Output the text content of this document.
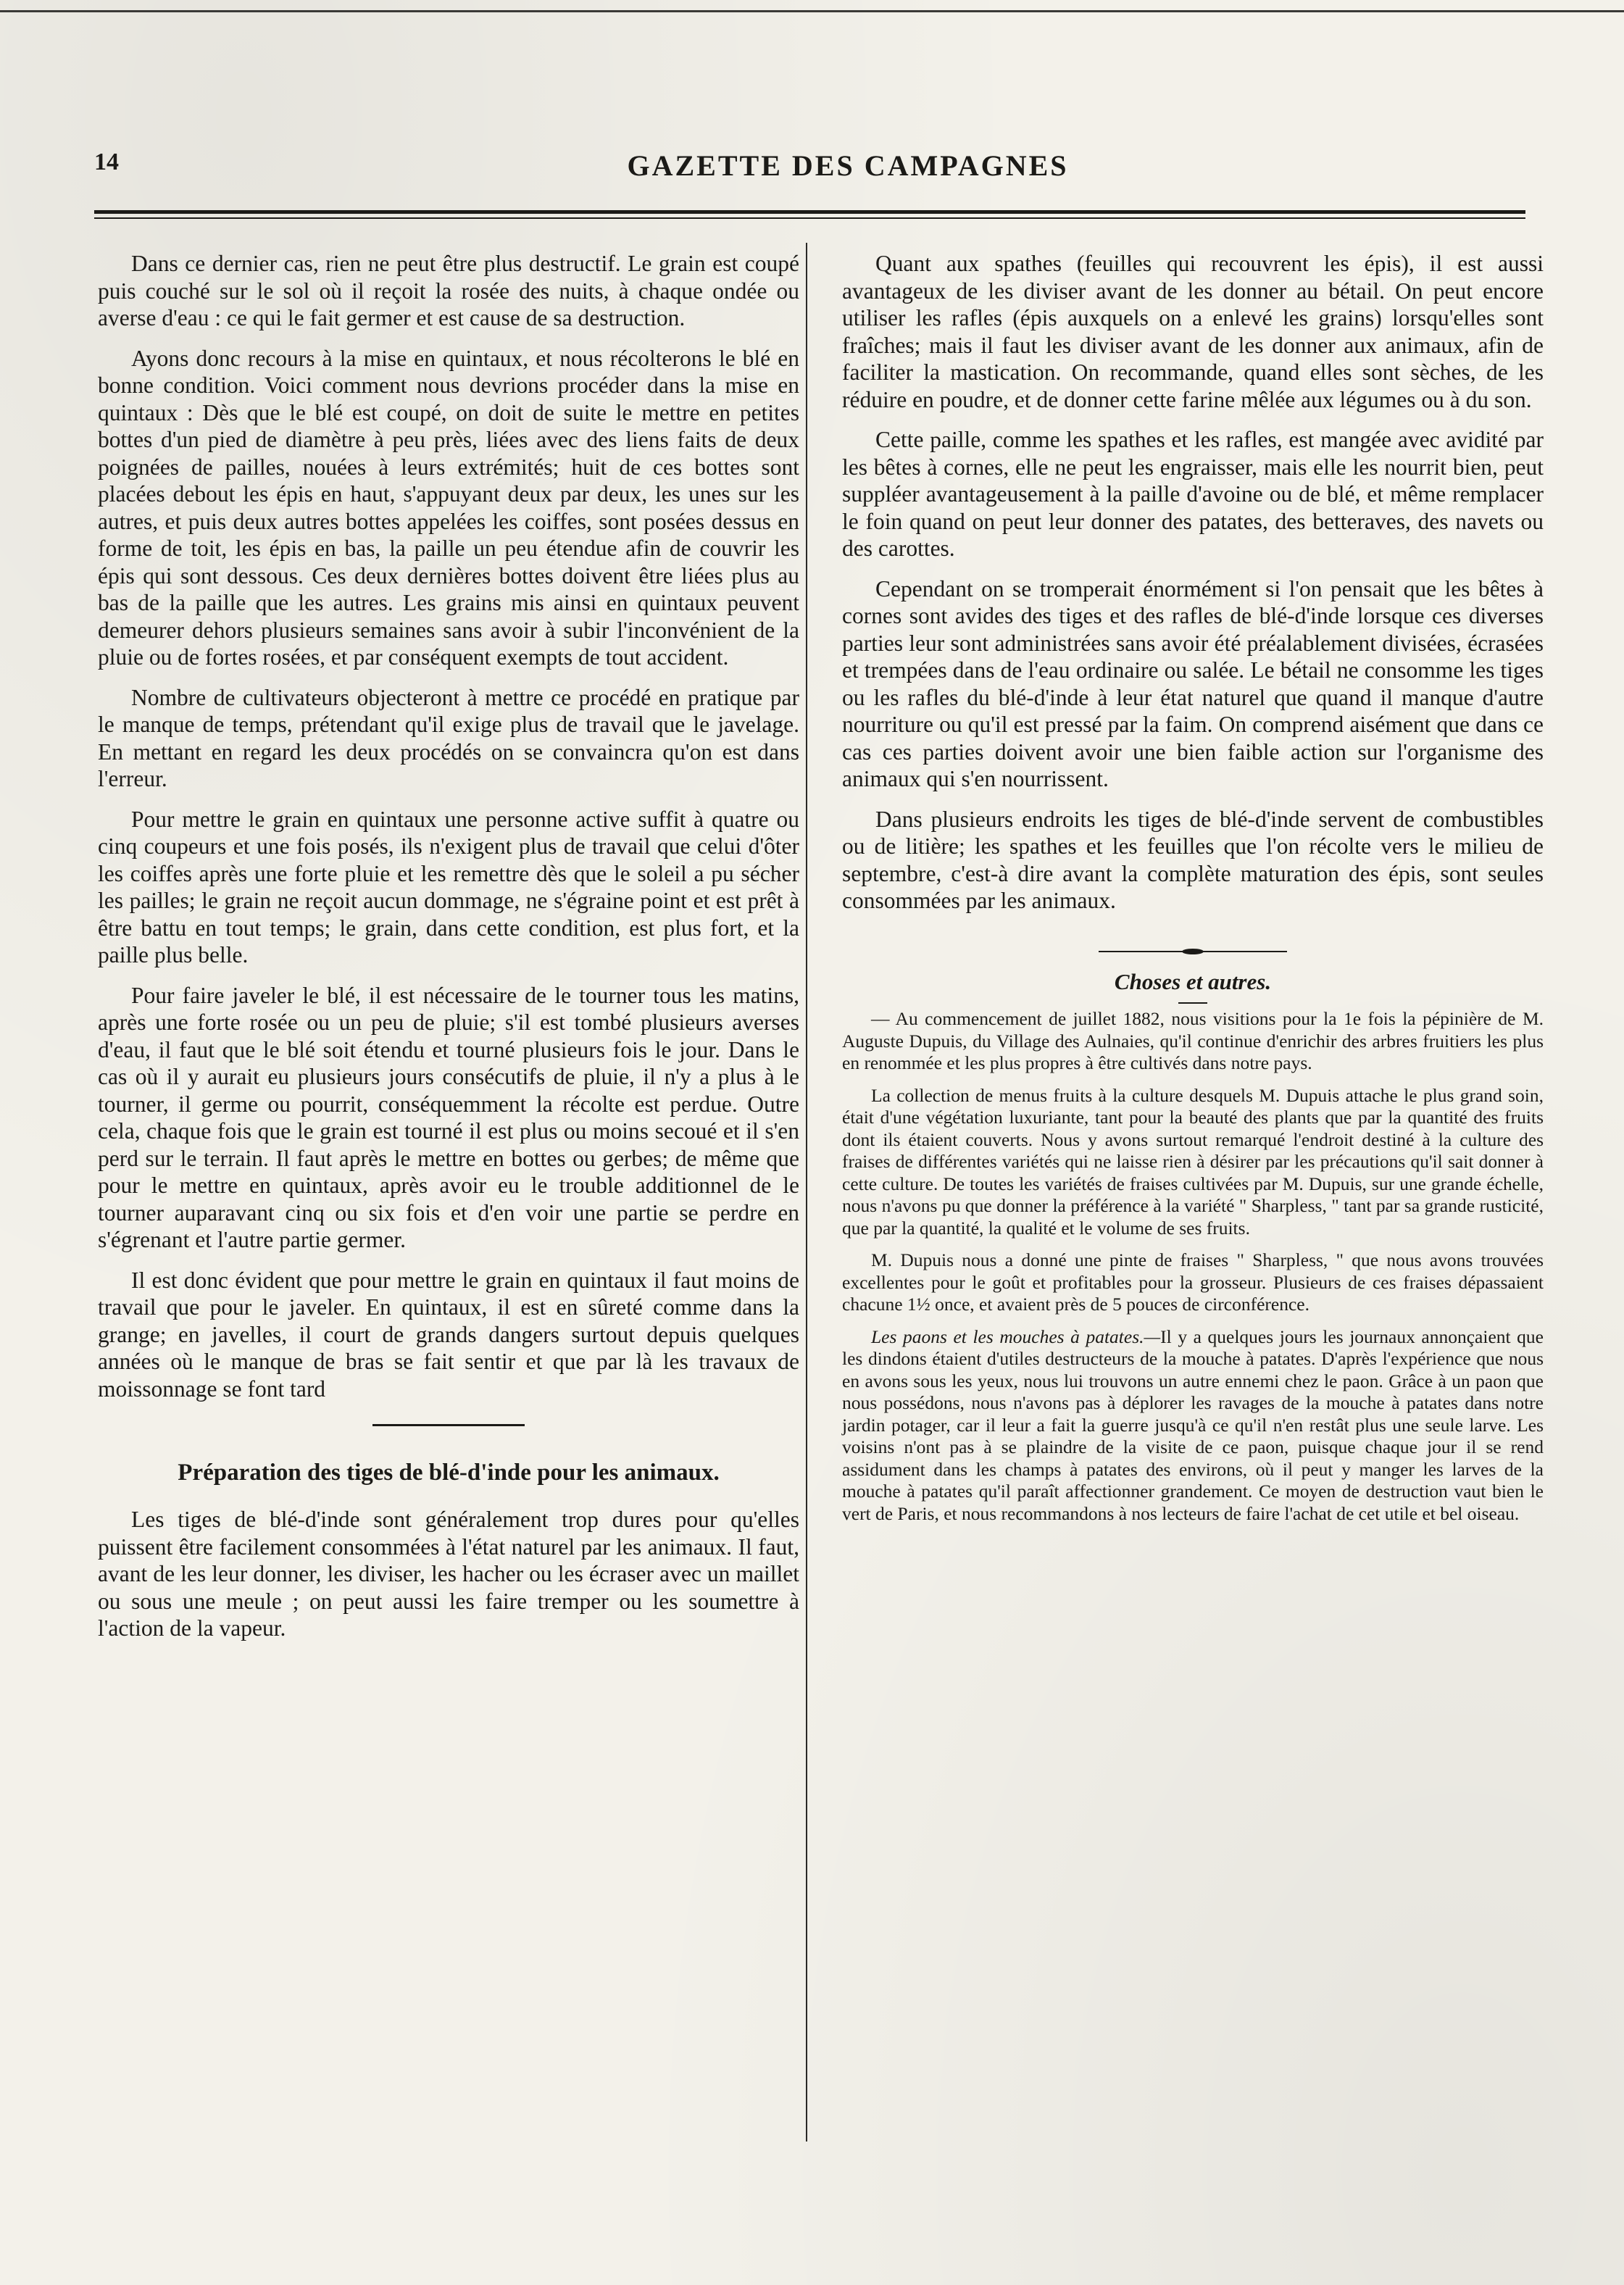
14	GAZETTE DES CAMPAGNES

Dans ce dernier cas, rien ne peut être plus destructif. Le grain est coupé puis couché sur le sol où il reçoit la rosée des nuits, à chaque ondée ou averse d'eau : ce qui le fait germer et est cause de sa destruction.

Ayons donc recours à la mise en quintaux, et nous récolterons le blé en bonne condition. Voici comment nous devrions procéder dans la mise en quintaux : Dès que le blé est coupé, on doit de suite le mettre en petites bottes d'un pied de diamètre à peu près, liées avec des liens faits de deux poignées de pailles, nouées à leurs extrémités; huit de ces bottes sont placées debout les épis en haut, s'appuyant deux par deux, les unes sur les autres, et puis deux autres bottes appelées les coiffes, sont posées dessus en forme de toit, les épis en bas, la paille un peu étendue afin de couvrir les épis qui sont dessous. Ces deux dernières bottes doivent être liées plus au bas de la paille que les autres. Les grains mis ainsi en quintaux peuvent demeurer dehors plusieurs semaines sans avoir à subir l'inconvénient de la pluie ou de fortes rosées, et par conséquent exempts de tout accident.

Nombre de cultivateurs objecteront à mettre ce procédé en pratique par le manque de temps, prétendant qu'il exige plus de travail que le javelage. En mettant en regard les deux procédés on se convaincra qu'on est dans l'erreur.

Pour mettre le grain en quintaux une personne active suffit à quatre ou cinq coupeurs et une fois posés, ils n'exigent plus de travail que celui d'ôter les coiffes après une forte pluie et les remettre dès que le soleil a pu sécher les pailles; le grain ne reçoit aucun dommage, ne s'égraine point et est prêt à être battu en tout temps; le grain, dans cette condition, est plus fort, et la paille plus belle.

Pour faire javeler le blé, il est nécessaire de le tourner tous les matins, après une forte rosée ou un peu de pluie; s'il est tombé plusieurs averses d'eau, il faut que le blé soit étendu et tourné plusieurs fois le jour. Dans le cas où il y aurait eu plusieurs jours consécutifs de pluie, il n'y a plus à le tourner, il germe ou pourrit, conséquemment la récolte est perdue. Outre cela, chaque fois que le grain est tourné il est plus ou moins secoué et il s'en perd sur le terrain. Il faut après le mettre en bottes ou gerbes; de même que pour le mettre en quintaux, après avoir eu le trouble additionnel de le tourner auparavant cinq ou six fois et d'en voir une partie se perdre en s'égrenant et l'autre partie germer.

Il est donc évident que pour mettre le grain en quintaux il faut moins de travail que pour le javeler. En quintaux, il est en sûreté comme dans la grange; en javelles, il court de grands dangers surtout depuis quelques années où le manque de bras se fait sentir et que par là les travaux de moissonnage se font tard

Préparation des tiges de blé-d'inde pour les animaux.

Les tiges de blé-d'inde sont généralement trop dures pour qu'elles puissent être facilement consommées à l'état naturel par les animaux. Il faut, avant de les leur donner, les diviser, les hacher ou les écraser avec un maillet ou sous une meule ; on peut aussi les faire tremper ou les soumettre à l'action de la vapeur.

Quant aux spathes (feuilles qui recouvrent les épis), il est aussi avantageux de les diviser avant de les donner au bétail. On peut encore utiliser les rafles (épis auxquels on a enlevé les grains) lorsqu'elles sont fraîches; mais il faut les diviser avant de les donner aux animaux, afin de faciliter la mastication. On recommande, quand elles sont sèches, de les réduire en poudre, et de donner cette farine mêlée aux légumes ou à du son.

Cette paille, comme les spathes et les rafles, est mangée avec avidité par les bêtes à cornes, elle ne peut les engraisser, mais elle les nourrit bien, peut suppléer avantageusement à la paille d'avoine ou de blé, et même remplacer le foin quand on peut leur donner des patates, des betteraves, des navets ou des carottes.

Cependant on se tromperait énormément si l'on pensait que les bêtes à cornes sont avides des tiges et des rafles de blé-d'inde lorsque ces diverses parties leur sont administrées sans avoir été préalablement divisées, écrasées et trempées dans de l'eau ordinaire ou salée. Le bétail ne consomme les tiges ou les rafles du blé-d'inde à leur état naturel que quand il manque d'autre nourriture ou qu'il est pressé par la faim. On comprend aisément que dans ce cas ces parties doivent avoir une bien faible action sur l'organisme des animaux qui s'en nourrissent.

Dans plusieurs endroits les tiges de blé-d'inde servent de combustibles ou de litière; les spathes et les feuilles que l'on récolte vers le milieu de septembre, c'est-à dire avant la complète maturation des épis, sont seules consommées par les animaux.

Choses et autres.

— Au commencement de juillet 1882, nous visitions pour la 1e fois la pépinière de M. Auguste Dupuis, du Village des Aulnaies, qu'il continue d'enrichir des arbres fruitiers les plus en renommée et les plus propres à être cultivés dans notre pays.

La collection de menus fruits à la culture desquels M. Dupuis attache le plus grand soin, était d'une végétation luxuriante, tant pour la beauté des plants que par la quantité des fruits dont ils étaient couverts. Nous y avons surtout remarqué l'endroit destiné à la culture des fraises de différentes variétés qui ne laisse rien à désirer par les précautions qu'il sait donner à cette culture. De toutes les variétés de fraises cultivées par M. Dupuis, sur une grande échelle, nous n'avons pu que donner la préférence à la variété " Sharpless, " tant par sa grande rusticité, que par la quantité, la qualité et le volume de ses fruits.

M. Dupuis nous a donné une pinte de fraises " Sharpless, " que nous avons trouvées excellentes pour le goût et profitables pour la grosseur. Plusieurs de ces fraises dépassaient chacune 1½ once, et avaient près de 5 pouces de circonférence.

Les paons et les mouches à patates.—Il y a quelques jours les journaux annonçaient que les dindons étaient d'utiles destructeurs de la mouche à patates. D'après l'expérience que nous en avons sous les yeux, nous lui trouvons un autre ennemi chez le paon. Grâce à un paon que nous possédons, nous n'avons pas à déplorer les ravages de la mouche à patates dans notre jardin potager, car il leur a fait la guerre jusqu'à ce qu'il n'en restât plus une seule larve. Les voisins n'ont pas à se plaindre de la visite de ce paon, puisque chaque jour il se rend assidument dans les champs à patates des environs, où il peut y manger les larves de la mouche à patates qu'il paraît affectionner grandement. Ce moyen de destruction vaut bien le vert de Paris, et nous recommandons à nos lecteurs de faire l'achat de cet utile et bel oiseau.
